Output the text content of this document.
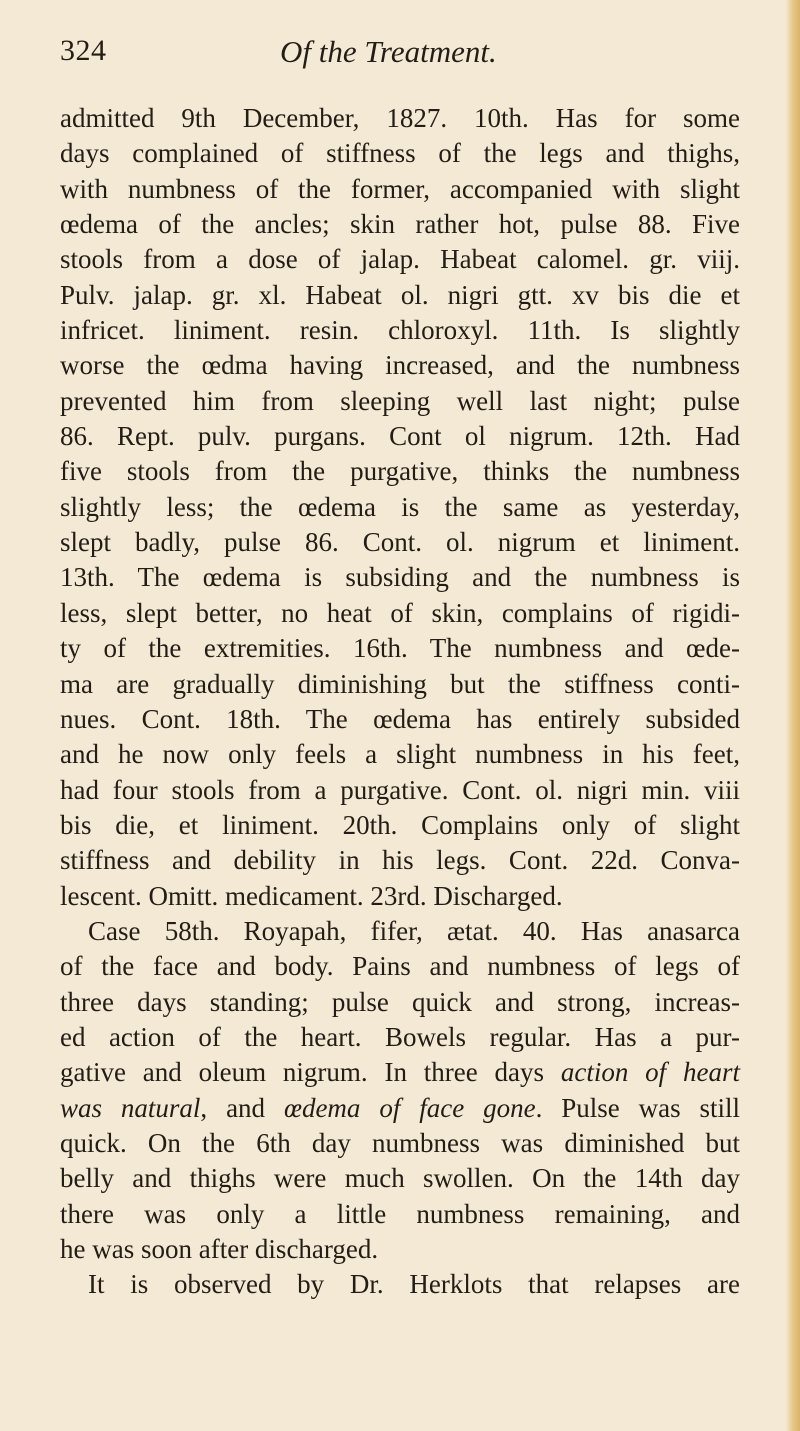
324	Of the Treatment.
admitted 9th December, 1827. 10th. Has for some
days complained of stiffness of the legs and thighs,
with numbness of the former, accompanied with slight
œdema of the ancles; skin rather hot, pulse 88. Five
stools from a dose of jalap. Habeat calomel. gr. viij.
Pulv. jalap. gr. xl. Habeat ol. nigri gtt. xv bis die et
infricet. liniment. resin. chloroxyl. 11th. Is slightly
worse the œdma having increased, and the numbness
prevented him from sleeping well last night; pulse
86. Rept. pulv. purgans. Cont ol nigrum. 12th. Had
five stools from the purgative, thinks the numbness
slightly less; the œdema is the same as yesterday,
slept badly, pulse 86. Cont. ol. nigrum et liniment.
13th. The œdema is subsiding and the numbness is
less, slept better, no heat of skin, complains of rigidi-
ty of the extremities. 16th. The numbness and œde-
ma are gradually diminishing but the stiffness conti-
nues. Cont. 18th. The œdema has entirely subsided
and he now only feels a slight numbness in his feet,
had four stools from a purgative. Cont. ol. nigri min. viii
bis die, et liniment. 20th. Complains only of slight
stiffness and debility in his legs. Cont. 22d. Conva-
lescent. Omitt. medicament. 23rd. Discharged.
Case 58th. Royapah, fifer, ætat. 40. Has anasarca
of the face and body. Pains and numbness of legs of
three days standing; pulse quick and strong, increas-
ed action of the heart. Bowels regular. Has a pur-
gative and oleum nigrum. In three days action of heart
was natural, and œdema of face gone. Pulse was still
quick. On the 6th day numbness was diminished but
belly and thighs were much swollen. On the 14th day
there was only a little numbness remaining, and
he was soon after discharged.
It is observed by Dr. Herklots that relapses are
